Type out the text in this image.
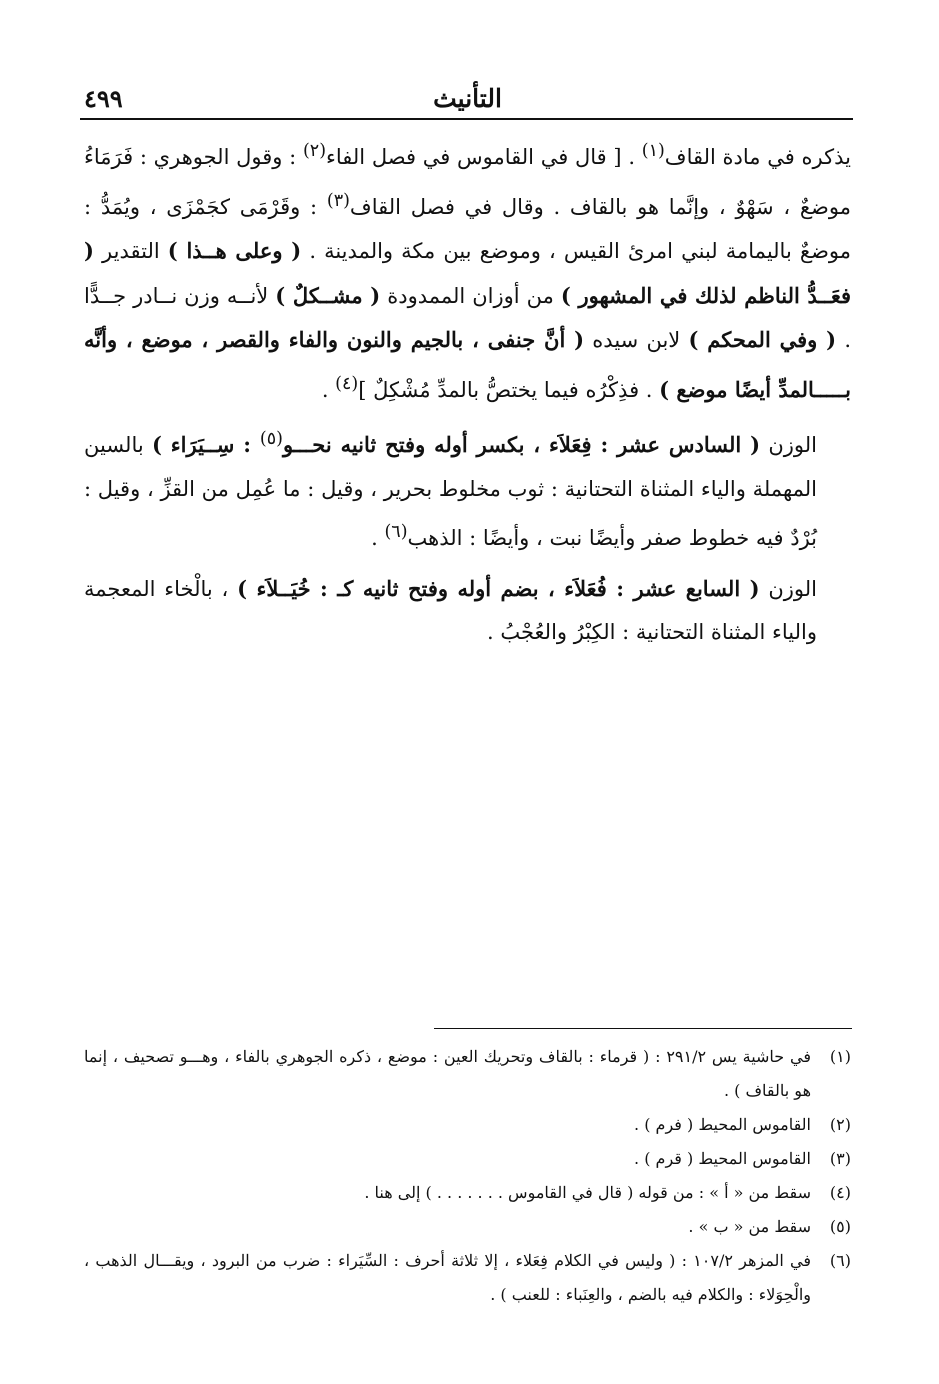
التأنيث
٤٩٩

يذكره في مادة القاف$^{(١)}$ . [ قال في القاموس في فصل الفاء$^{(٢)}$ : وقول الجوهري : فَرَمَاءُ موضعٌ ، سَهْوٌ ، وإنَّما هو بالقاف . وقال في فصل القاف$^{(٣)}$ : وقَرْمَى كجَمْزَى ، ويُمَدُّ : موضعٌ باليمامة لبني امرئ القيس ، وموضع بين مكة والمدينة . ( وعلى هــذا ) التقدير ( فعَــدُّ الناظم لذلك في المشهور ) من أوزان الممدودة ( مشــكلٌ ) لأنــه وزن نــادر جــدًّا . ( وفي المحكم ) لابن سيده ( أنَّ جنفى ، بالجيم والنون والفاء والقصر ، موضع ، وأنَّه بـــــالمدِّ أيضًا موضع ) . فذِكْرُه فيما يختصُّ بالمدِّ مُشْكِلٌ ]$^{(٤)}$ .

الوزن ( السادس عشر : فِعَلاَء ، بكسر أوله وفتح ثانيه نحـــو$^{(٥)}$ : سِــيَرَاء ) بالسين المهملة والياء المثناة التحتانية : ثوب مخلوط بحرير ، وقيل : ما عُمِل من القزِّ ، وقيل : بُرْدٌ فيه خطوط صفر وأيضًا نبت ، وأيضًا : الذهب$^{(٦)}$ .

الوزن ( السابع عشر : فُعَلاَء ، بضم أوله وفتح ثانيه كـ : خُيَــلاَء ) ، بالْخاء المعجمة والياء المثناة التحتانية : الكِبْرُ والعُجْبُ .

(١)
في حاشية يس ٢٩١/٢ : ( قرماء : بالقاف وتحريك العين : موضع ، ذكره الجوهري بالفاء ، وهـــو تصحيف ، إنما هو بالقاف ) .
(٢)
القاموس المحيط ( فرم ) .
(٣)
القاموس المحيط ( قرم ) .
(٤)
سقط من « أ » : من قوله ( قال في القاموس . . . . . . . ) إلى هنا .
(٥)
سقط من « ب » .
(٦)
في المزهر ١٠٧/٢ : ( وليس في الكلام فِعَلاء ، إلا ثلاثة أحرف : السِّيَراء : ضرب من البرود ، ويقـــال الذهب ، والْحِوَلاء : والكلام فيه بالضم ، والعِنَباء : للعنب ) .
